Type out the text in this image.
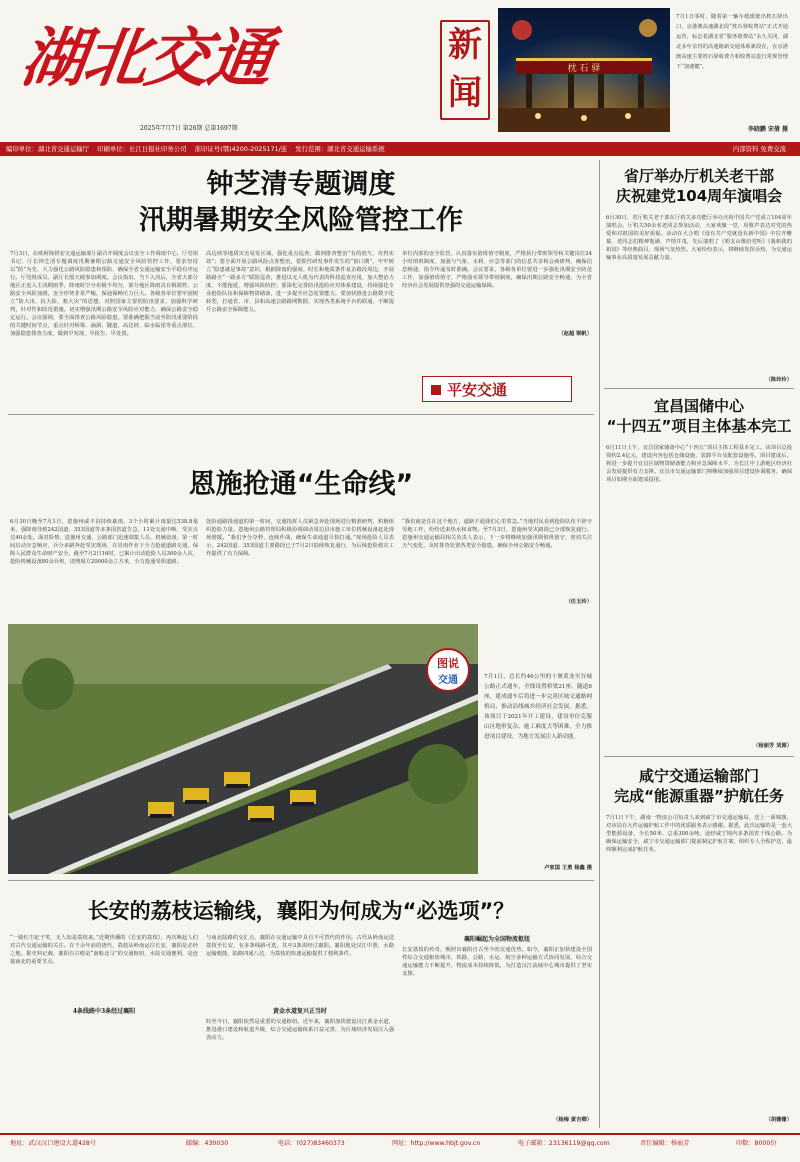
湖北交通	新
闻
2025年7月7日 第26期 总第1697期
枕 石 驿
7月1日零时，随着第一辆车缓缓驶出枕石驿出口，京港澳高速湖北段“枕石驿收费站”正式开通运营，标志着湖北省“服务收费站”永久关闭、湖北多年亲待的高速路新交通体系新段在，在京港澳高速主要枕石驿收费方和收费站进行常规管理下“加速键”。
李晓鹏 宋倩 摄
编印单位：湖北省交通运输厅 印刷单位：长江日报社印务公司 准印证号(鄂)4200-2025171/连 发行范围：湖北省交通运输系统	内部资料 免费交流
钟芝清专题调度
汛期暑期安全风险管控工作
7月3日，在欧阿钱督安交通运输部厅副召开调度会议安全工作调度中心，厅党组书记、厅长钟芝清专题调度汛期暑期公路交通安全风险管控工作，要求坚持以“防”为先、大力强化公路风险隐患和预防、确保全省交通运输安全平稳有序运行。厅党组成员、副厅长殷天破参加调度。会议指出，当下入汛后，全省大部分地区正进入主汛期雨季，降雨时空分布极不均匀，部分地区降雨具有极端性、公路安全风险加剧，安全形势非常严峻，保通保畅压力巨大。各级各单位要牢固树立“防大汛、抗大险、救大灾”的思想，对照国家主要的防汛要求，加强科学研判，针对性和防范措施，切实增强汛期公路安全风险应对能力，确保公路安全稳定运行。会议强调，要全面排查公路风险隐患。要准确把握当前至防汛重要阶段的关键时间节点，重点针对桥梁、涵洞、隧道、高边坡、临水临崖等重点部位，加强隐患排查力度，做到早发现、早报告、早处置。
高边坡等地质灾害易发区域，强化重点巡查，做到排查整治“有的放矢、攻得实效”；要全面开展公路风险点查整治，要抓性研发事件发生的“窗口期”，牢牢树立“隐患就是事故”意识，根据降雨的强度、时长和地质条件复杂路段周边，开展路路全“一路多方”联防巡查，推进以无人机为代表的科技巡查应用，加大整治力度，不能拖延，增强风险防控；要深化完善防汛抢险应对体系建设，持续强化专业抢险队伍和保障物资储备，进一步提升应急处置能力。要加快推进公路数字化转型，打通省、市、县和高速公路路网数据，实现各类系统平台的联通，不断提升公路安全保障能力。
单位内部的安全监管，认真落实值班值守制度，严格执行带班领导和关键岗位24小时值班制度，加强与气象、水利、应急等部门的信息共享和会商研判，确保信息畅通、指令传递及时准确。会议要求，各级各单位要进一步强化汛期安全防范工作，加强值班值守，严格落实领导带班制度，确保汛期公路安全畅通，为全省经济社会发展提供坚强的交通运输保障。
（赵超 梁帆）
平安交通
恩施抢通“生命线”
6月30日晚至7月1日，恩施州咸丰县持续暴雨，3个小时累计雨量达538.8毫米，强降雨导致242国道、353国道等多条国省道告急，11处交通中断，受灾点达40余处。面对险情，恩施州交通、公路部门迅速调集人员、机械设备，第一时间启动应急响应，兵分多路奔赴受灾现场，在冒雨作业下全力抢通道路交通，保障人民群众生命财产安全。截至7月2日16时，已累计出动抢险人员300余人次，抢险机械设备80余台班，清理塌方20000余立方米，全力抢通受阻道路。
处险通路段通道的第一时间，交通指挥人员紧急奔赴现场进行精准研判，积极组织抢险力量。恩施州公路管理局积极协调调动周边县市施工单位机械设备赶赴现场增援。“我们争分夺秒，连续作战，确保生命通道尽快打通。”现场抢险人员表示，242国道、353国道主要路段已于7月2日陆续恢复通行，为后续抢险救灾工作提供了有力保障。
“我们就是住在这个地方，道路不通我们心里着急。”当地村民看到抢险队伍不辞辛劳地工作，纷纷送来热水和食物。至7月3日，恩施州受灾路段已全部恢复通行。恩施州交通运输局相关负责人表示，下一步将继续加强汛期值班值守，密切关注天气变化，及时排查处置各类安全隐患，确保全州公路安全畅通。
（任玉玲）
图说
交通	7月1日，总长约46公里的十堰黄龙至谷城公路正式通车，全线设置桥梁21座、隧道8座，建成通车后将进一步完善区域交通路网格局，推动沿线城乡经济社会发展。据悉，该项目于2021年开工建设，建设单位克服山区地形复杂、施工难度大等困难，全力推进项目建设，为地方发展注入新动能。
卢家国 王勇 杨鑫 摄
省厅举办厅机关老干部
庆祝建党104周年演唱会
6月30日，省厅机关老干部在厅机关多功能厅举办庆祝中国共产党成立104周年演唱会。厅机关50余名老同志参加活动，大家欢聚一堂，用歌声表达对党的热爱和对祖国的美好祝福。活动在大合唱《没有共产党就没有新中国》中拉开帷幕，老同志们精神饱满、声情并茂，先后演唱了《唱支山歌给党听》《我和我的祖国》等经典曲目，现场气氛热烈。大家纷纷表示，将继续发挥余热，为交通运输事业高质量发展贡献力量。
（陈玲玲）
宜昌国储中心
“十四五”项目主体基本完工
6月11日上午，宜昌国家储备中心“十四五”项目主体工程基本完工。该项目总投资约2.4亿元，建设内容包括仓储设施、装卸平台及配套设施等。项目建成后，将进一步提升宜昌区域物资储备能力和应急保障水平，为长江中上游地区经济社会发展提供有力支撑。宜昌市交通运输部门将继续加强项目建设协调服务，确保项目如期全面建成投用。
（杨丽芳 刘源）
咸宁交通运输部门
完成“能源重器”护航任务
7月1日下午，湖南一物流公司负责人来到咸宁市交通运输局，送上一面锦旗，对该局在大件运输护航工作中的优质服务表示感谢。据悉，此次运输的是一套大型能源设备，全长50米、总重300余吨，途经咸宁境内多条国省干线公路。为确保运输安全，咸宁市交通运输部门提前制定护航方案，组织专人全程护送，最终顺利完成护航任务。
（胡姗姗）
长安的荔枝运输线，襄阳为何成为“必选项”？
“一骑红尘妃子笑，无人知是荔枝来。”近期热播的《长安的荔枝》，再次唤起人们对古代交通运输的关注。在千余年前的唐代，荔枝从岭南运往长安，襄阳是必经之地。据史料记载，襄阳自古便是“南船北马”的交通枢纽，水陆交通便利，是连接南北的重要节点。
4条线路中3条经过襄阳
与南北陆路的交汇点，襄阳在交通运输中具有不可替代的作用。古代从岭南运送荔枝至长安，有多条线路可选，其中3条需经过襄阳。襄阳地处汉江中游，水路运输便捷，陆路四通八达，为荔枝的快速运输提供了便利条件。
黄金水道复兴正当时
时至今日，襄阳依然是重要的交通枢纽。近年来，襄阳加快建设汉江黄金水道，推进港口建设和航道升级，综合交通运输体系日益完善，为区域经济发展注入强劲动力。
襄阳崛起为全国物流枢纽
长安荔枝的传奇，映照出襄阳自古至今的交通优势。如今，襄阳正加快建设全国性综合交通枢纽城市，铁路、公路、水运、航空多种运输方式协同发展，综合交通运输能力不断提升，物流成本持续降低，为打造汉江流域中心城市提供了坚实支撑。
（杨梅 黄吉卿）
地址：武汉汉口建设大道428号	邮编：430030	电话：(027)83460373	网址：http://www.hbjt.gov.cn	电子邮箱：23136119@qq.com	责任编辑：杨丽芳	印数：8000份
